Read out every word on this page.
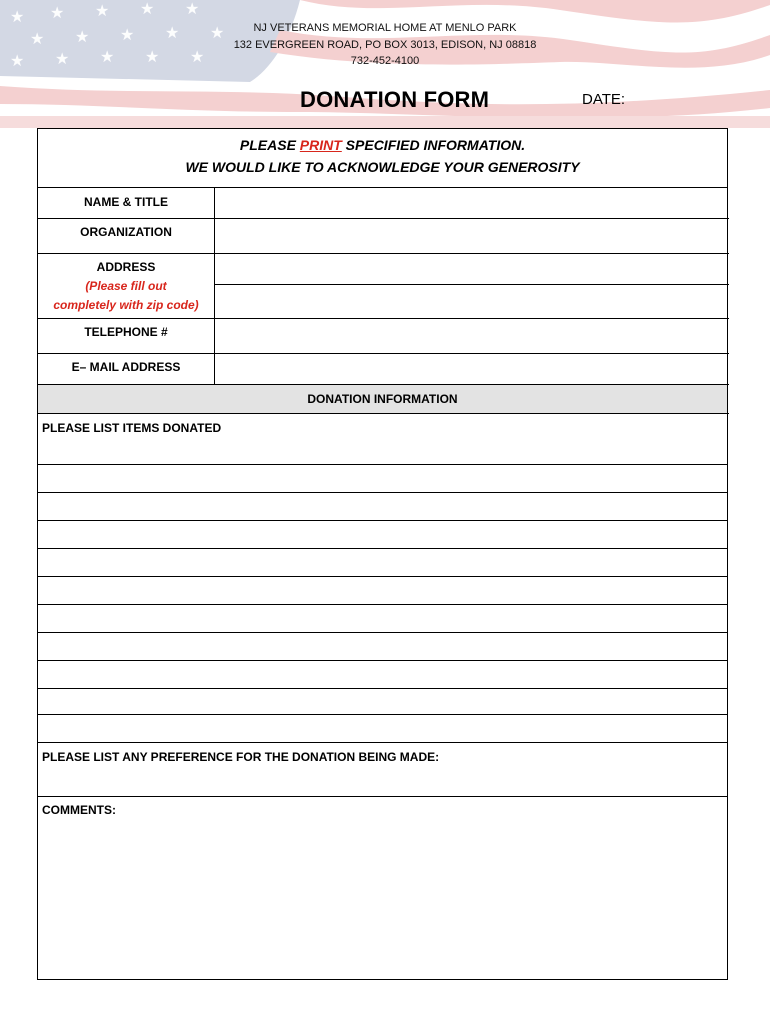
★ ★ ★ ★ ★
★ ★ ★ ★ ★
★ ★ ★ ★ ★
NJ VETERANS MEMORIAL HOME AT MENLO PARK
132 EVERGREEN ROAD, PO BOX 3013, EDISON, NJ 08818
732-452-4100
DONATION FORM	DATE:
PLEASE PRINT SPECIFIED INFORMATION.
WE WOULD LIKE TO ACKNOWLEDGE YOUR GENEROSITY
NAME & TITLE
ORGANIZATION
ADDRESS
(Please fill out
completely with zip code)
TELEPHONE #
E– MAIL ADDRESS
DONATION INFORMATION
PLEASE LIST ITEMS DONATED
PLEASE LIST ANY PREFERENCE FOR THE DONATION BEING MADE:
COMMENTS:
